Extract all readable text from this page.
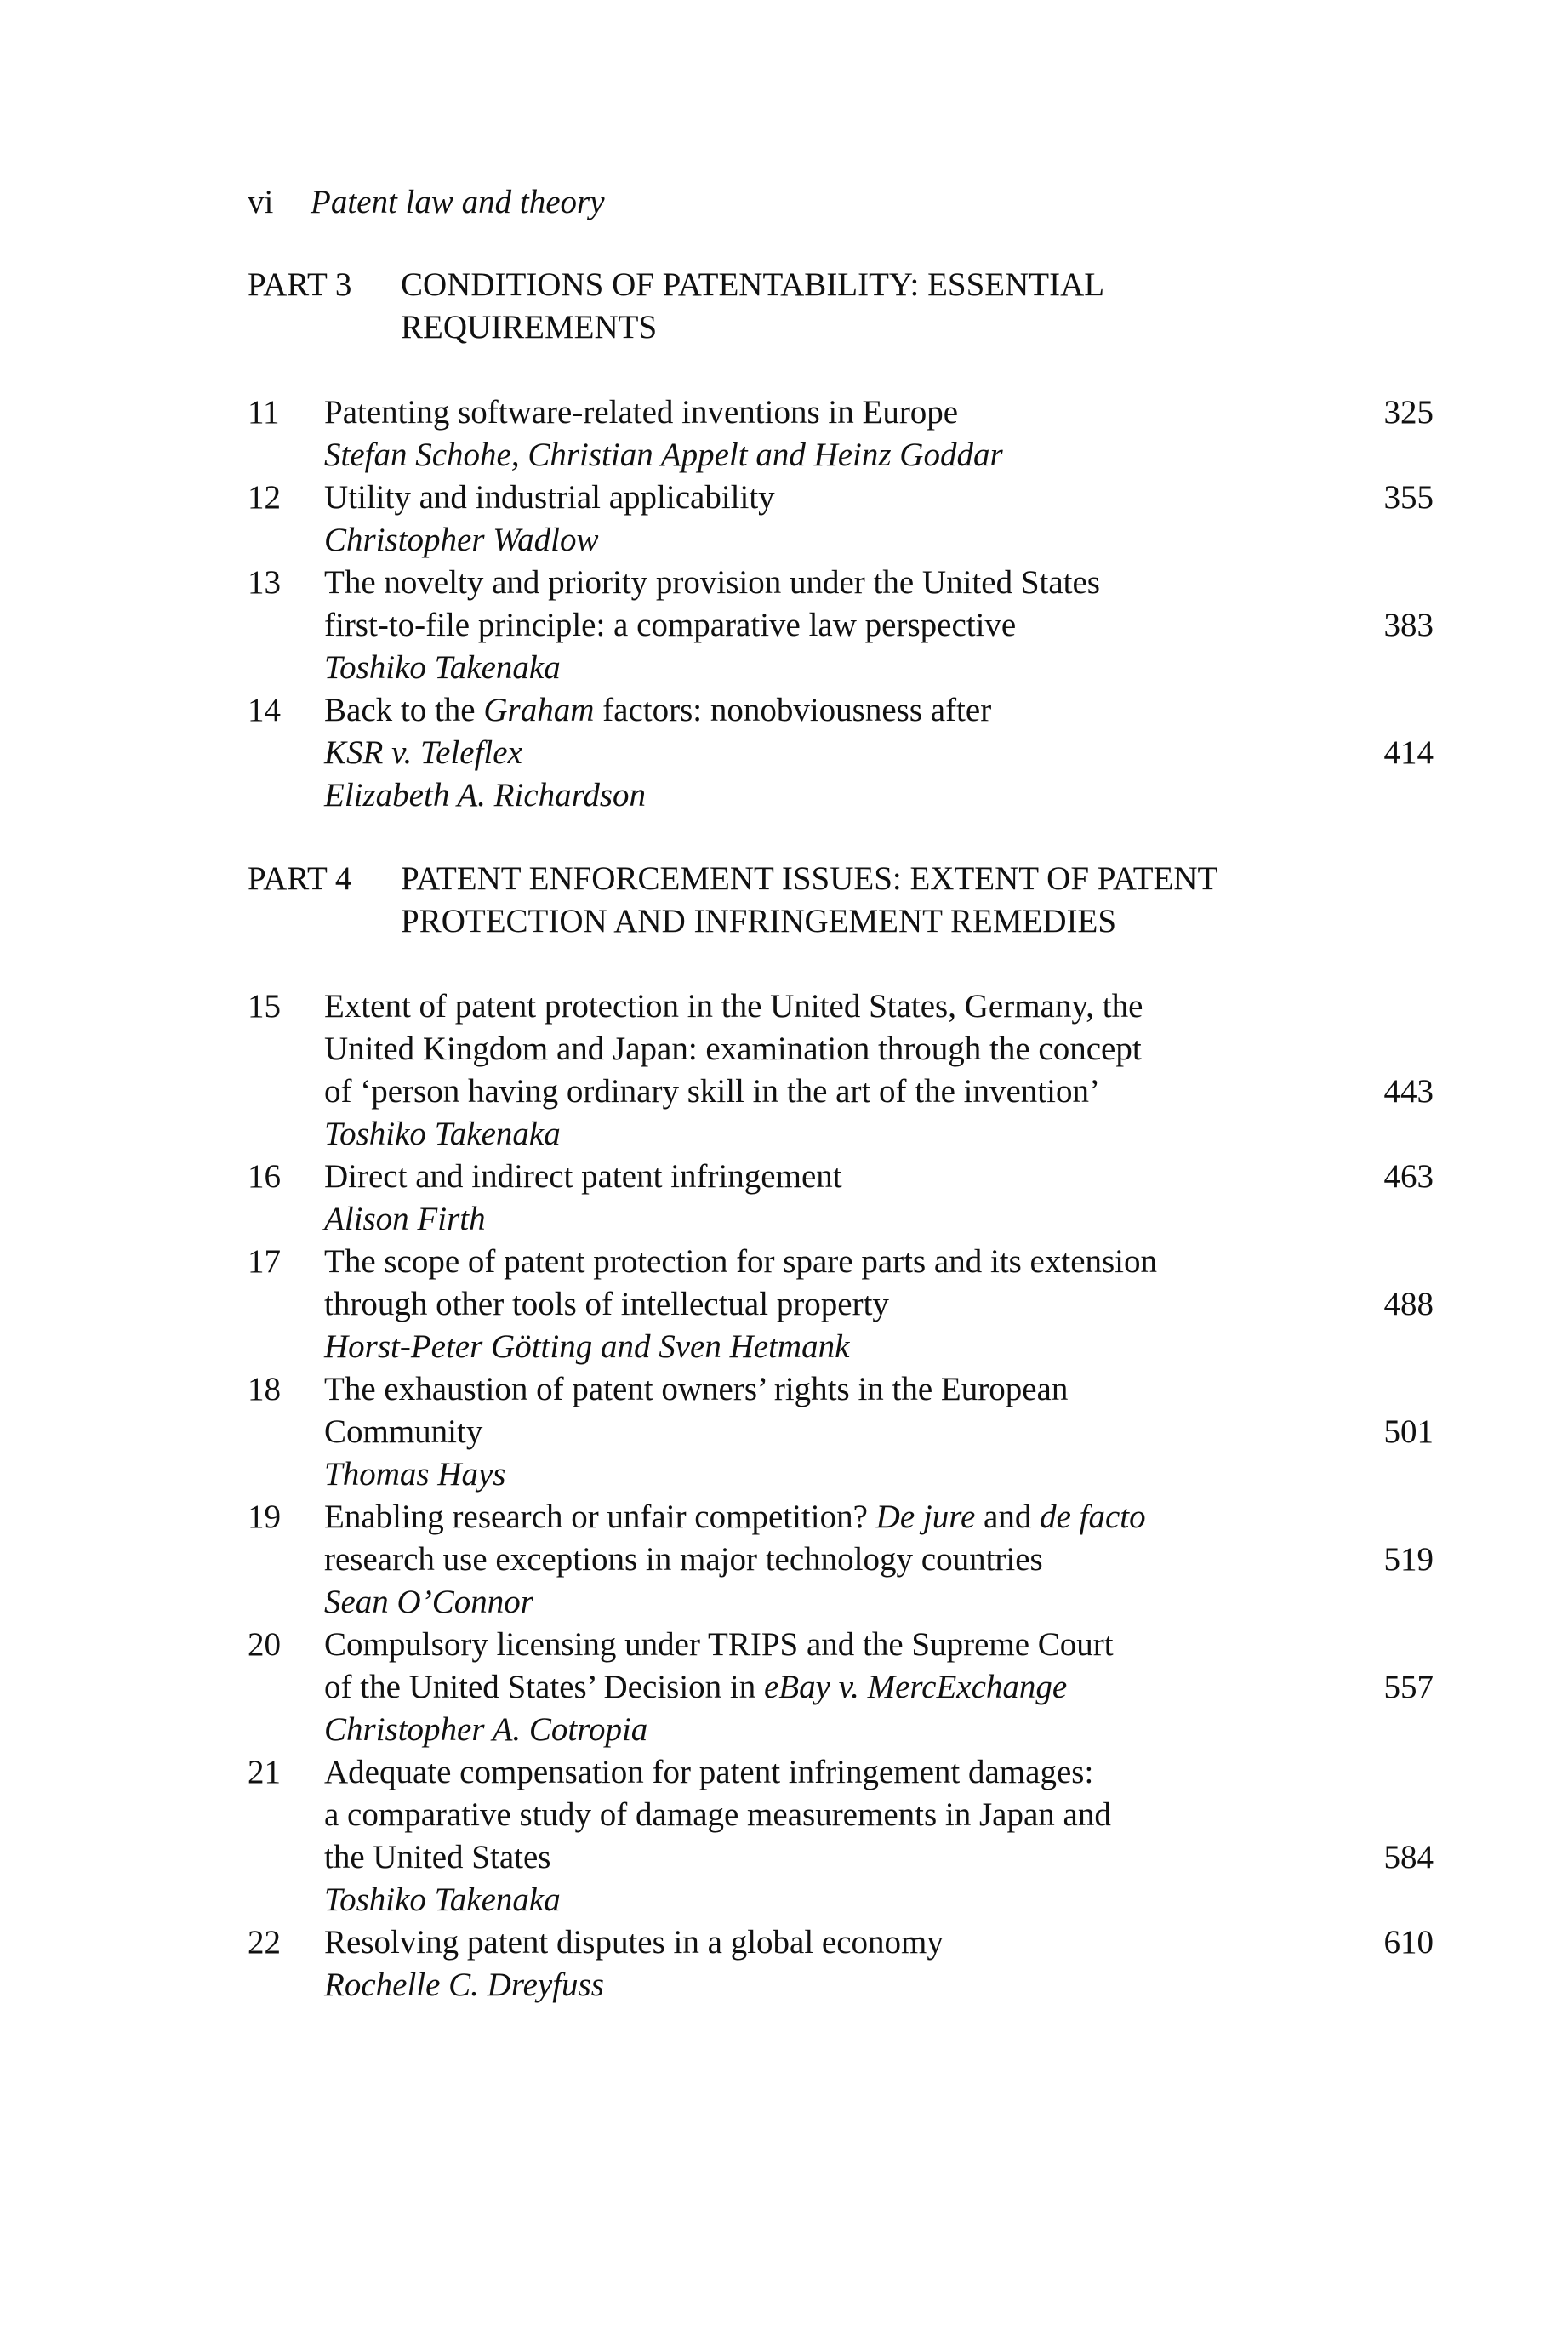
vi Patent law and theory
PART 3 CONDITIONS OF PATENTABILITY: ESSENTIAL
REQUIREMENTS
11	Patenting software-related inventions in Europe	325
Stefan Schohe, Christian Appelt and Heinz Goddar
12	Utility and industrial applicability	355
Christopher Wadlow
13	The novelty and priority provision under the United States
first-to-file principle: a comparative law perspective	383
Toshiko Takenaka
14	Back to the Graham factors: nonobviousness after
KSR v. Teleflex	414
Elizabeth A. Richardson
PART 4 PATENT ENFORCEMENT ISSUES: EXTENT OF PATENT
PROTECTION AND INFRINGEMENT REMEDIES
15	Extent of patent protection in the United States, Germany, the
United Kingdom and Japan: examination through the concept
of ‘person having ordinary skill in the art of the invention’	443
Toshiko Takenaka
16	Direct and indirect patent infringement	463
Alison Firth
17	The scope of patent protection for spare parts and its extension
through other tools of intellectual property	488
Horst-Peter Götting and Sven Hetmank
18	The exhaustion of patent owners’ rights in the European
Community	501
Thomas Hays
19	Enabling research or unfair competition? De jure and de facto
research use exceptions in major technology countries	519
Sean O’Connor
20	Compulsory licensing under TRIPS and the Supreme Court
of the United States’ Decision in eBay v. MercExchange	557
Christopher A. Cotropia
21	Adequate compensation for patent infringement damages:
a comparative study of damage measurements in Japan and
the United States	584
Toshiko Takenaka
22	Resolving patent disputes in a global economy	610
Rochelle C. Dreyfuss
